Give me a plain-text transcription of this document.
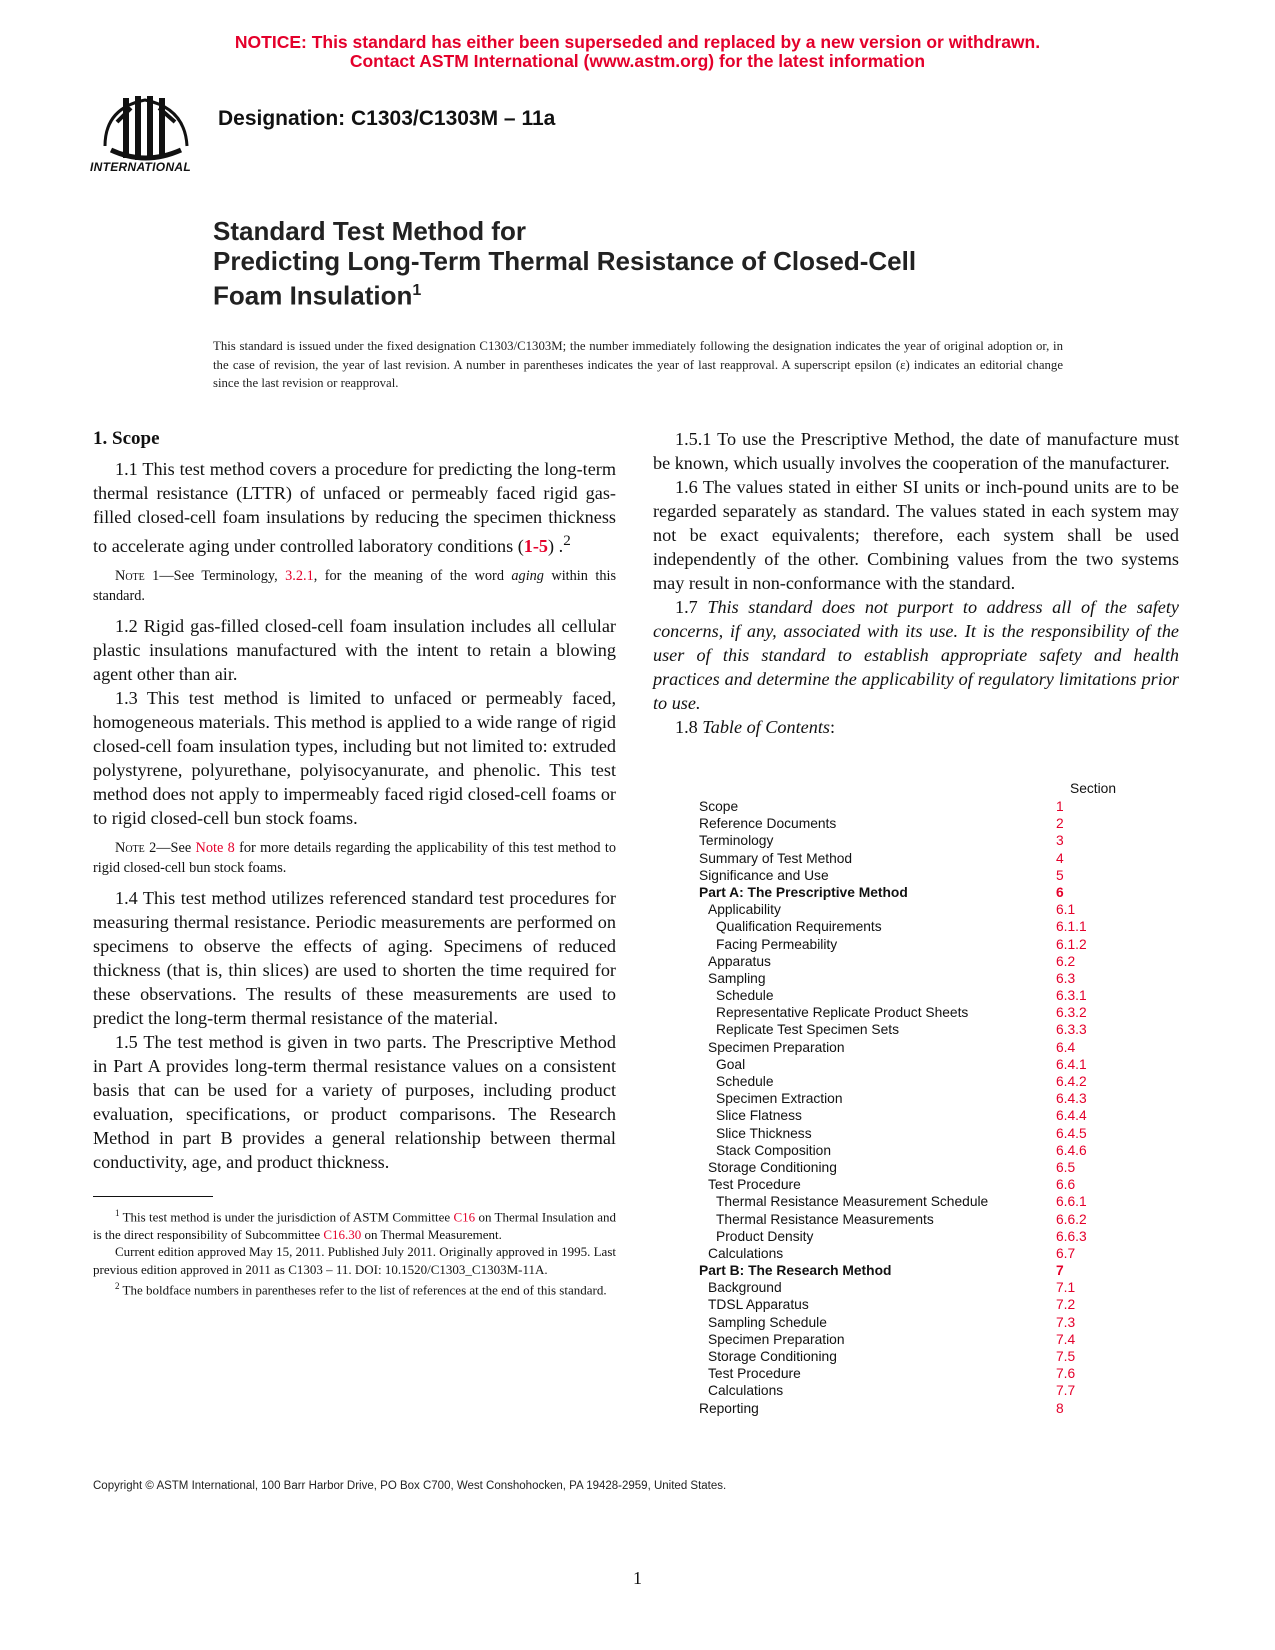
NOTICE: This standard has either been superseded and replaced by a new version or withdrawn.
Contact ASTM International (www.astm.org) for the latest information
INTERNATIONAL
Designation: C1303/C1303M – 11a
Standard Test Method for
Predicting Long-Term Thermal Resistance of Closed-Cell
Foam Insulation$^1$
This standard is issued under the fixed designation C1303/C1303M; the number immediately following the designation indicates the year of original adoption or, in the case of revision, the year of last revision. A number in parentheses indicates the year of last reapproval. A superscript epsilon (ε) indicates an editorial change since the last revision or reapproval.

1. Scope

1.1 This test method covers a procedure for predicting the long-term thermal resistance (LTTR) of unfaced or permeably faced rigid gas-filled closed-cell foam insulations by reducing the specimen thickness to accelerate aging under controlled laboratory conditions (1-5) .$^2$

Note 1—See Terminology, 3.2.1, for the meaning of the word aging within this standard.

1.2 Rigid gas-filled closed-cell foam insulation includes all cellular plastic insulations manufactured with the intent to retain a blowing agent other than air.

1.3 This test method is limited to unfaced or permeably faced, homogeneous materials. This method is applied to a wide range of rigid closed-cell foam insulation types, including but not limited to: extruded polystyrene, polyurethane, polyisocyanurate, and phenolic. This test method does not apply to impermeably faced rigid closed-cell foams or to rigid closed-cell bun stock foams.

Note 2—See Note 8 for more details regarding the applicability of this test method to rigid closed-cell bun stock foams.

1.4 This test method utilizes referenced standard test procedures for measuring thermal resistance. Periodic measurements are performed on specimens to observe the effects of aging. Specimens of reduced thickness (that is, thin slices) are used to shorten the time required for these observations. The results of these measurements are used to predict the long-term thermal resistance of the material.

1.5 The test method is given in two parts. The Prescriptive Method in Part A provides long-term thermal resistance values on a consistent basis that can be used for a variety of purposes, including product evaluation, specifications, or product comparisons. The Research Method in part B provides a general relationship between thermal conductivity, age, and product thickness.

$^1$ This test method is under the jurisdiction of ASTM Committee C16 on Thermal Insulation and is the direct responsibility of Subcommittee C16.30 on Thermal Measurement.

Current edition approved May 15, 2011. Published July 2011. Originally approved in 1995. Last previous edition approved in 2011 as C1303 – 11. DOI: 10.1520/C1303_C1303M-11A.

$^2$ The boldface numbers in parentheses refer to the list of references at the end of this standard.

1.5.1 To use the Prescriptive Method, the date of manufacture must be known, which usually involves the cooperation of the manufacturer.

1.6 The values stated in either SI units or inch-pound units are to be regarded separately as standard. The values stated in each system may not be exact equivalents; therefore, each system shall be used independently of the other. Combining values from the two systems may result in non-conformance with the standard.

1.7 This standard does not purport to address all of the safety concerns, if any, associated with its use. It is the responsibility of the user of this standard to establish appropriate safety and health practices and determine the applicability of regulatory limitations prior to use.

1.8 Table of Contents:

Section
Scope	1
Reference Documents	2
Terminology	3
Summary of Test Method	4
Significance and Use	5
Part A: The Prescriptive Method	6
Applicability	6.1
Qualification Requirements	6.1.1
Facing Permeability	6.1.2
Apparatus	6.2
Sampling	6.3
Schedule	6.3.1
Representative Replicate Product Sheets	6.3.2
Replicate Test Specimen Sets	6.3.3
Specimen Preparation	6.4
Goal	6.4.1
Schedule	6.4.2
Specimen Extraction	6.4.3
Slice Flatness	6.4.4
Slice Thickness	6.4.5
Stack Composition	6.4.6
Storage Conditioning	6.5
Test Procedure	6.6
Thermal Resistance Measurement Schedule	6.6.1
Thermal Resistance Measurements	6.6.2
Product Density	6.6.3
Calculations	6.7
Part B: The Research Method	7
Background	7.1
TDSL Apparatus	7.2
Sampling Schedule	7.3
Specimen Preparation	7.4
Storage Conditioning	7.5
Test Procedure	7.6
Calculations	7.7
Reporting	8
Copyright © ASTM International, 100 Barr Harbor Drive, PO Box C700, West Conshohocken, PA 19428-2959, United States.
1
